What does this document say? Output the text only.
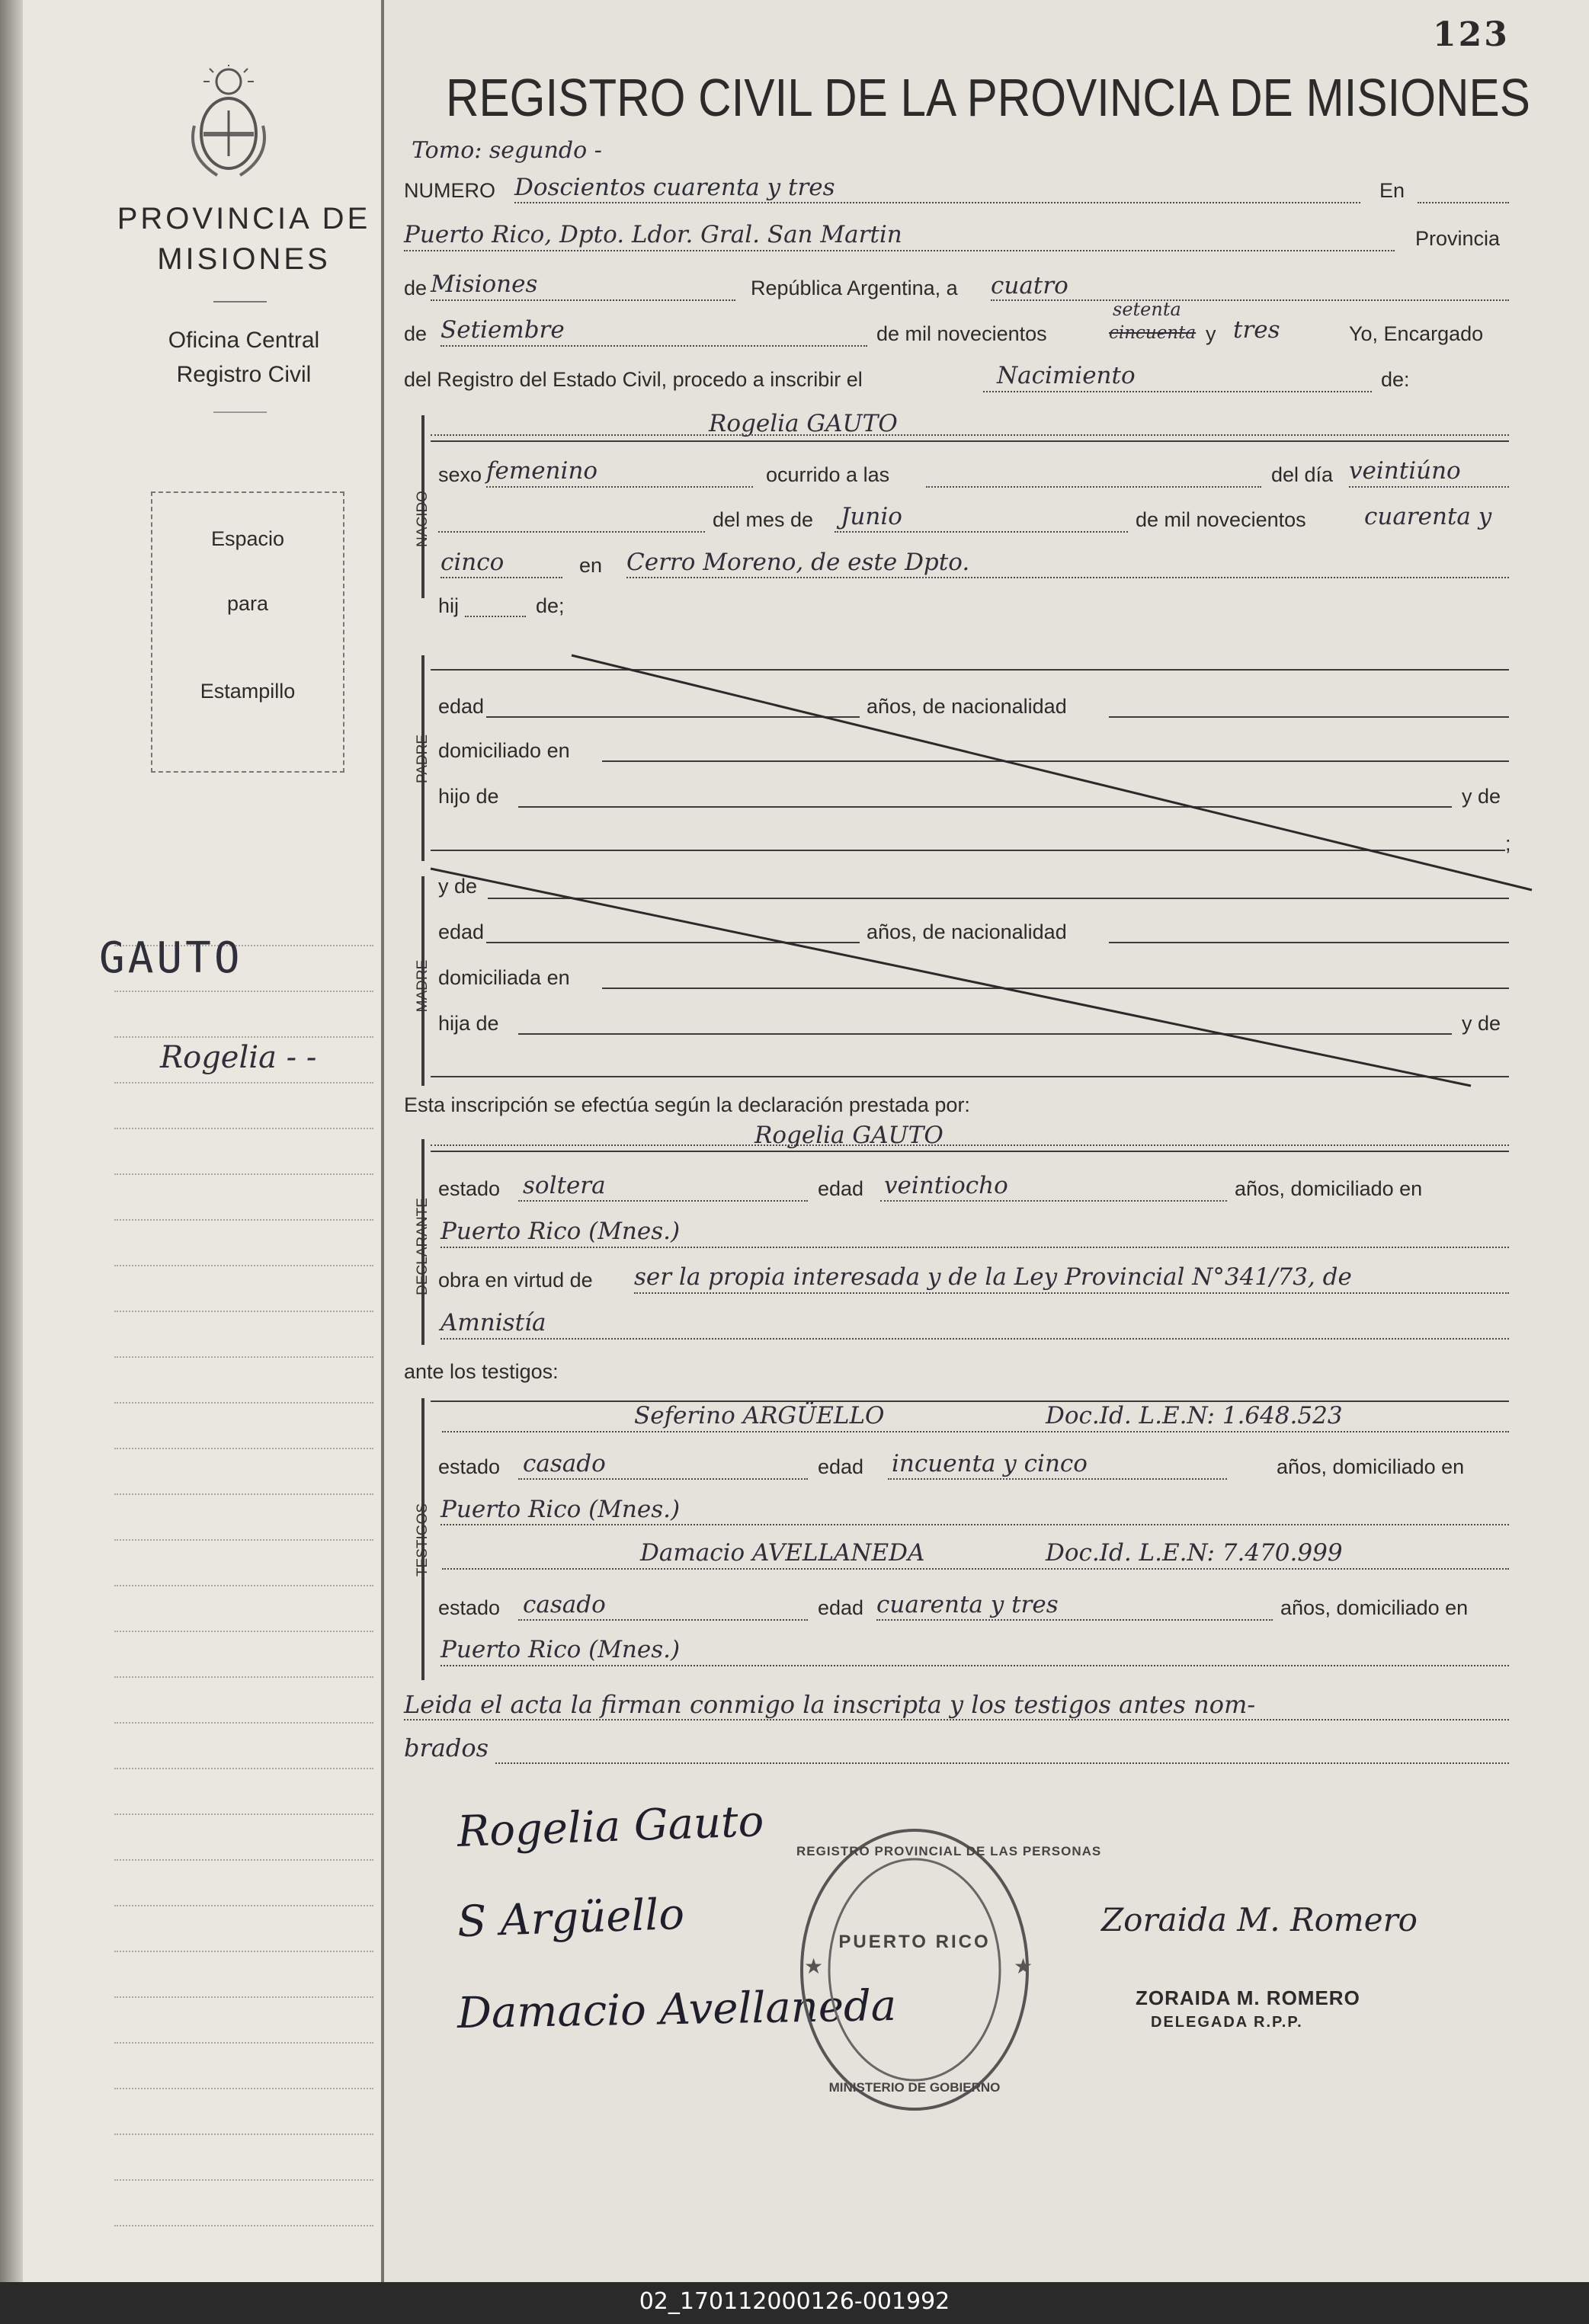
PROVINCIA DE
MISIONES
Oficina Central
Registro Civil
Espacio
para
Estampillo
GAUTO
Rogelia - -
123
REGISTRO CIVIL DE LA PROVINCIA DE MISIONES
Tomo: segundo -
NUMERO Doscientos cuarenta y tres	En
Puerto Rico, Dpto. Ldor. Gral. San Martin	Provincia
de Misiones	República Argentina, a cuatro
de Setiembre	de mil novecientos	cincuenta
setenta
y tres	Yo, Encargado
del Registro del Estado Civil, procedo a inscribir el	Nacimiento	de:
NACIDO
Rogelia GAUTO
sexo femenino	ocurrido a las	del día veintiúno
del mes de Junio	de mil novecientos cuarenta y
cinco	en Cerro Moreno, de este Dpto.
hij	de;
PADRE
edad	años, de nacionalidad
domiciliado en
hijo de	y de
;
MADRE
y de
edad	años, de nacionalidad
domiciliada en
hija de	y de
Esta inscripción se efectúa según la declaración prestada por:
DECLARANTE
Rogelia GAUTO
estado soltera	edad veintiocho	años, domiciliado en
Puerto Rico (Mnes.)
obra en virtud de ser la propia interesada y de la Ley Provincial N°341/73, de
Amnistía
ante los testigos:
TESTIGOS
Seferino ARGÜELLO	Doc.Id. L.E.N: 1.648.523
estado casado	edad incuenta y cinco	años, domiciliado en
Puerto Rico (Mnes.)
Damacio AVELLANEDA	Doc.Id. L.E.N: 7.470.999
estado casado	edad cuarenta y tres	años, domiciliado en
Puerto Rico (Mnes.)
Leida el acta la firman conmigo la inscripta y los testigos antes nom-
brados
Rogelia Gauto
S Argüello
Damacio Avellaneda
★
★
REGISTRO PROVINCIAL DE LAS PERSONAS
PUERTO RICO
MINISTERIO DE GOBIERNO
Zoraida M. Romero
ZORAIDA M. ROMERO
DELEGADA R.P.P.
02_170112000126-001992
